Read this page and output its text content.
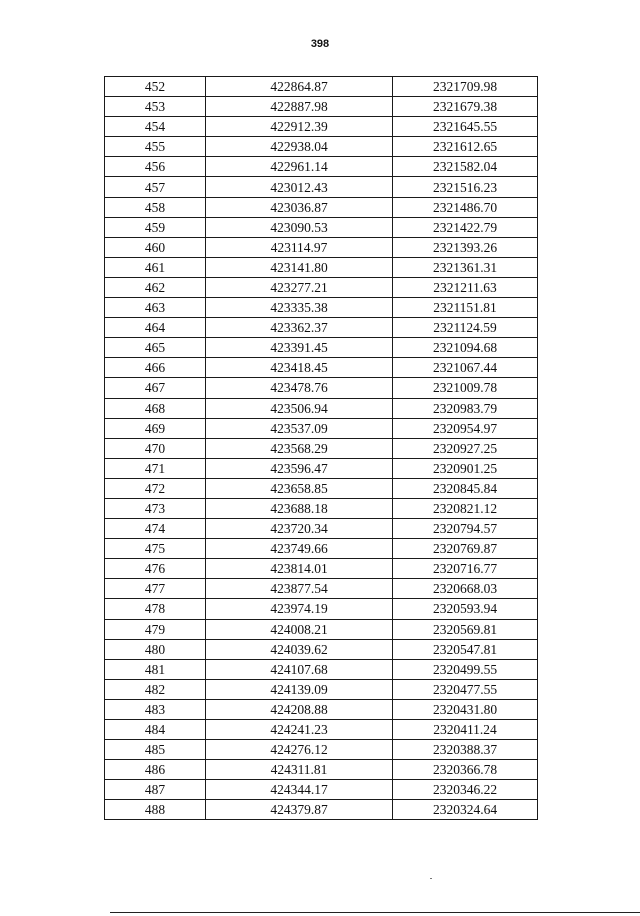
398
452	422864.87	2321709.98
453	422887.98	2321679.38
454	422912.39	2321645.55
455	422938.04	2321612.65
456	422961.14	2321582.04
457	423012.43	2321516.23
458	423036.87	2321486.70
459	423090.53	2321422.79
460	423114.97	2321393.26
461	423141.80	2321361.31
462	423277.21	2321211.63
463	423335.38	2321151.81
464	423362.37	2321124.59
465	423391.45	2321094.68
466	423418.45	2321067.44
467	423478.76	2321009.78
468	423506.94	2320983.79
469	423537.09	2320954.97
470	423568.29	2320927.25
471	423596.47	2320901.25
472	423658.85	2320845.84
473	423688.18	2320821.12
474	423720.34	2320794.57
475	423749.66	2320769.87
476	423814.01	2320716.77
477	423877.54	2320668.03
478	423974.19	2320593.94
479	424008.21	2320569.81
480	424039.62	2320547.81
481	424107.68	2320499.55
482	424139.09	2320477.55
483	424208.88	2320431.80
484	424241.23	2320411.24
485	424276.12	2320388.37
486	424311.81	2320366.78
487	424344.17	2320346.22
488	424379.87	2320324.64
